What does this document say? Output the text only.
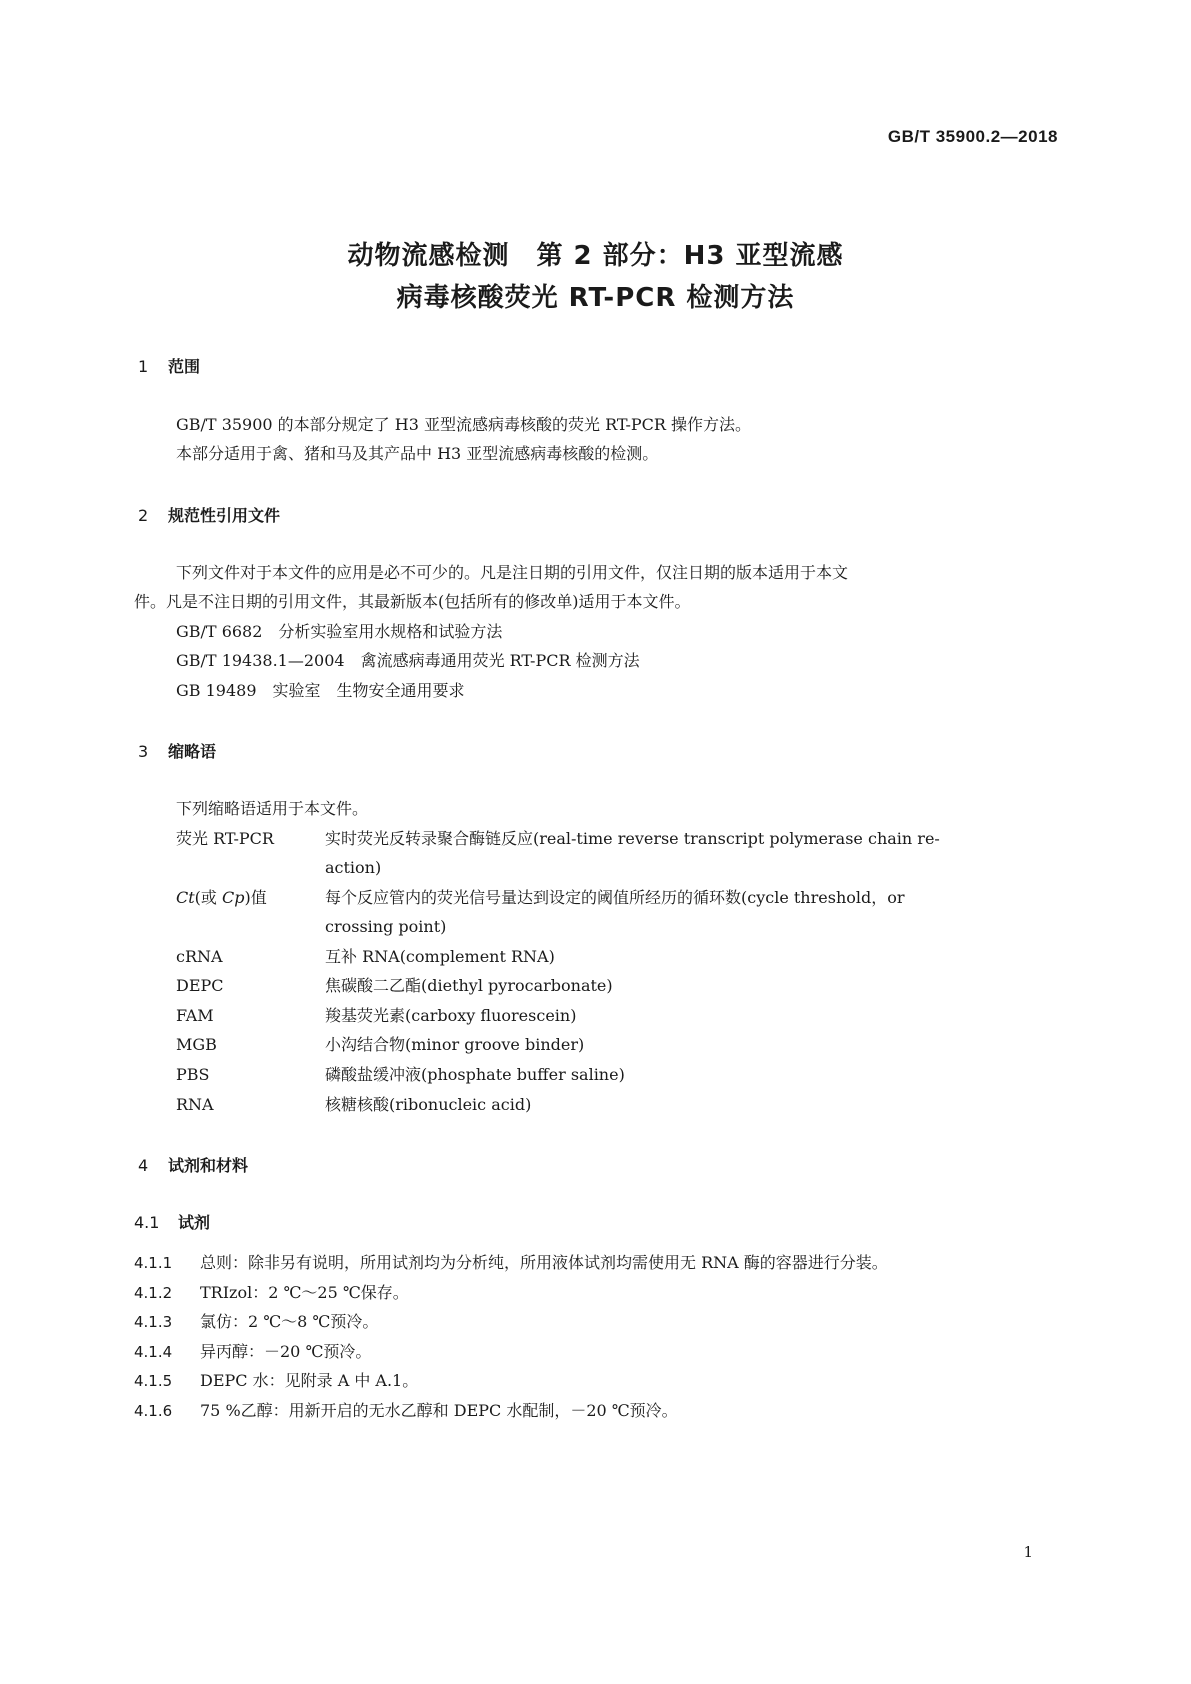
GB/T 35900.2—2018
动物流感检测　第 2 部分：H3 亚型流感
病毒核酸荧光 RT-PCR 检测方法
1 范围
GB/T 35900 的本部分规定了 H3 亚型流感病毒核酸的荧光 RT-PCR 操作方法。
本部分适用于禽、猪和马及其产品中 H3 亚型流感病毒核酸的检测。
2 规范性引用文件
下列文件对于本文件的应用是必不可少的。凡是注日期的引用文件，仅注日期的版本适用于本文
件。凡是不注日期的引用文件，其最新版本(包括所有的修改单)适用于本文件。
GB/T 6682　分析实验室用水规格和试验方法
GB/T 19438.1—2004　禽流感病毒通用荧光 RT-PCR 检测方法
GB 19489　实验室　生物安全通用要求
3 缩略语
下列缩略语适用于本文件。
荧光 RT-PCR	实时荧光反转录聚合酶链反应(real-time reverse transcript polymerase chain re-
action)
Ct(或 Cp)值	每个反应管内的荧光信号量达到设定的阈值所经历的循环数(cycle threshold，or
crossing point)
cRNA	互补 RNA(complement RNA)
DEPC	焦碳酸二乙酯(diethyl pyrocarbonate)
FAM	羧基荧光素(carboxy fluorescein)
MGB	小沟结合物(minor groove binder)
PBS	磷酸盐缓冲液(phosphate buffer saline)
RNA	核糖核酸(ribonucleic acid)
4 试剂和材料
4.1 试剂
4.1.1 总则：除非另有说明，所用试剂均为分析纯，所用液体试剂均需使用无 RNA 酶的容器进行分装。
4.1.2 TRIzol：2 ℃～25 ℃保存。
4.1.3 氯仿：2 ℃～8 ℃预冷。
4.1.4 异丙醇：－20 ℃预冷。
4.1.5 DEPC 水：见附录 A 中 A.1。
4.1.6 75 %乙醇：用新开启的无水乙醇和 DEPC 水配制，－20 ℃预冷。
1
